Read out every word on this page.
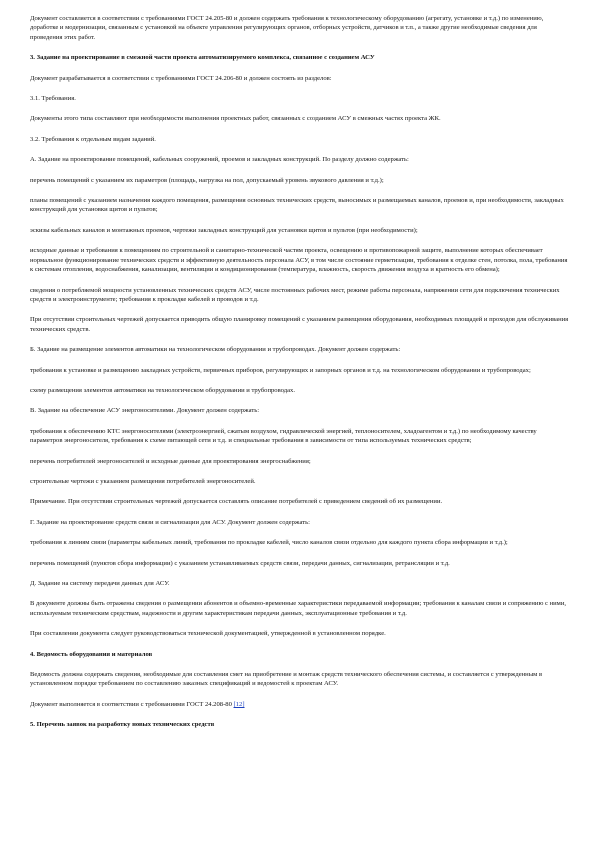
Документ составляется в соответствии с требованиями ГОСТ 24.205-80 и должен содержать требования к технологическому оборудованию (агрегату, установке и т.д.) по изменению, доработке и модернизации, связанным с установкой на объекте управления регулирующих органов, отборных устройств, датчиков и т.п., а также другие необходимые сведения для проведения этих работ.

3. Задание на проектирование в смежной части проекта автоматизируемого комплекса, связанное с созданием АСУ

Документ разрабатывается в соответствии с требованиями ГОСТ 24.206-80 и должен состоять из разделов:

3.1. Требования.

Документы этого типа составляют при необходимости выполнения проектных работ, связанных с созданием АСУ в смежных частях проекта ЖК.

3.2. Требования к отдельным видам заданий.

А. Задание на проектирование помещений, кабельных сооружений, проемов и закладных конструкций. По разделу должно содержать:

перечень помещений с указанием их параметров (площадь, нагрузка на пол, допускаемый уровень звукового давления и т.д.);

планы помещений с указанием назначения каждого помещения, размещения основных технических средств, выносимых и размещаемых каналов, проемов и, при необходимости, закладных конструкций для установки щитов и пультов;

эскизы кабельных каналов и монтажных проемов, чертежи закладных конструкций для установки щитов и пультов (при необходимости);

исходные данные и требования к помещениям по строительной и санитарно-технической частям проекта, освещению и противопожарной защите, выполнение которых обеспечивает нормальное функционирование технических средств и эффективную деятельность персонала АСУ, в том числе состояние герметизации, требования к отделке стен, потолка, пола, требования к системам отопления, водоснабжения, канализации, вентиляции и кондиционирования (температура, влажность, скорость движения воздуха и кратность его обмена);

сведения о потребляемой мощности установленных технических средств АСУ, числе постоянных рабочих мест, режиме работы персонала, напряжении сети для подключения технических средств и электроинструменте; требования к прокладке кабелей и проводов и т.д.

При отсутствии строительных чертежей допускается приводить общую планировку помещений с указанием размещения оборудования, необходимых площадей и проходов для обслуживания технических средств.

Б. Задание на размещение элементов автоматики на технологическом оборудовании и трубопроводах. Документ должен содержать:

требования к установке и размещению закладных устройств, первичных приборов, регулирующих и запорных органов и т.д. на технологическом оборудовании и трубопроводах;

схему размещения элементов автоматики на технологическом оборудовании и трубопроводах.

В. Задание на обеспечение АСУ энергоносителями. Документ должен содержать:

требования к обеспечению КТС энергоносителями (электроэнергией, сжатым воздухом, гидравлической энергией, теплоносителем, хладоагентом и т.д.) по необходимому качеству параметров энергоносителя, требования к схеме питающей сети и т.д. и специальные требования в зависимости от типа используемых технических средств;

перечень потребителей энергоносителей и исходные данные для проектирования энергоснабжения;

строительные чертежи с указанием размещения потребителей энергоносителей.

Примечание. При отсутствии строительных чертежей допускается составлять описание потребителей с приведением сведений об их размещении.

Г. Задание на проектирование средств связи и сигнализации для АСУ. Документ должен содержать:

требования к линиям связи (параметры кабельных линий, требования по прокладке кабелей, число каналов связи отдельно для каждого пункта сбора информации и т.д.);

перечень помещений (пунктов сбора информации) с указанием устанавливаемых средств связи, передачи данных, сигнализации, ретрансляции и т.д.

Д. Задание на систему передачи данных для АСУ.

В документе должны быть отражены сведения о размещении абонентов и объемно-временные характеристики передаваемой информации; требования к каналам связи и сопряжению с ними, используемым техническим средствам, надежности и другим характеристикам передачи данных, эксплуатационные требования и т.д.

При составлении документа следует руководствоваться технической документацией, утвержденной в установленном порядке.

4. Ведомость оборудования и материалов

Ведомость должна содержать сведения, необходимые для составления смет на приобретение и монтаж средств технического обеспечения системы, и составляется с утвержденным в установленном порядке требованием по составлению заказных спецификаций и ведомостей к проектам АСУ.

Документ выполняется в соответствии с требованиями ГОСТ 24.208-80 [12]

5. Перечень заявок на разработку новых технических средств
